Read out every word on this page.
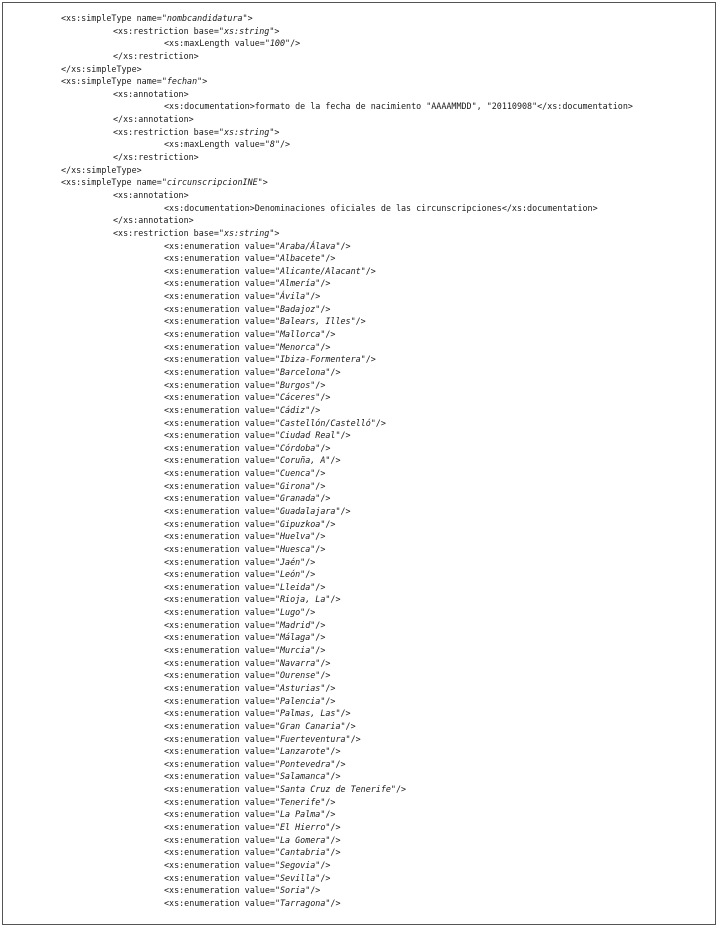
<xs:simpleType name="nombcandidatura">
<xs:restriction base="xs:string">
<xs:maxLength value="100"/>
</xs:restriction>
</xs:simpleType>
<xs:simpleType name="fechan">
<xs:annotation>
<xs:documentation>formato de la fecha de nacimiento "AAAAMMDD", "20110908"</xs:documentation>
</xs:annotation>
<xs:restriction base="xs:string">
<xs:maxLength value="8"/>
</xs:restriction>
</xs:simpleType>
<xs:simpleType name="circunscripcionINE">
<xs:annotation>
<xs:documentation>Denominaciones oficiales de las circunscripciones</xs:documentation>
</xs:annotation>
<xs:restriction base="xs:string">
<xs:enumeration value="Araba/Álava"/>
<xs:enumeration value="Albacete"/>
<xs:enumeration value="Alicante/Alacant"/>
<xs:enumeration value="Almería"/>
<xs:enumeration value="Ávila"/>
<xs:enumeration value="Badajoz"/>
<xs:enumeration value="Balears, Illes"/>
<xs:enumeration value="Mallorca"/>
<xs:enumeration value="Menorca"/>
<xs:enumeration value="Ibiza-Formentera"/>
<xs:enumeration value="Barcelona"/>
<xs:enumeration value="Burgos"/>
<xs:enumeration value="Cáceres"/>
<xs:enumeration value="Cádiz"/>
<xs:enumeration value="Castellón/Castelló"/>
<xs:enumeration value="Ciudad Real"/>
<xs:enumeration value="Córdoba"/>
<xs:enumeration value="Coruña, A"/>
<xs:enumeration value="Cuenca"/>
<xs:enumeration value="Girona"/>
<xs:enumeration value="Granada"/>
<xs:enumeration value="Guadalajara"/>
<xs:enumeration value="Gipuzkoa"/>
<xs:enumeration value="Huelva"/>
<xs:enumeration value="Huesca"/>
<xs:enumeration value="Jaén"/>
<xs:enumeration value="León"/>
<xs:enumeration value="Lleida"/>
<xs:enumeration value="Rioja, La"/>
<xs:enumeration value="Lugo"/>
<xs:enumeration value="Madrid"/>
<xs:enumeration value="Málaga"/>
<xs:enumeration value="Murcia"/>
<xs:enumeration value="Navarra"/>
<xs:enumeration value="Ourense"/>
<xs:enumeration value="Asturias"/>
<xs:enumeration value="Palencia"/>
<xs:enumeration value="Palmas, Las"/>
<xs:enumeration value="Gran Canaria"/>
<xs:enumeration value="Fuerteventura"/>
<xs:enumeration value="Lanzarote"/>
<xs:enumeration value="Pontevedra"/>
<xs:enumeration value="Salamanca"/>
<xs:enumeration value="Santa Cruz de Tenerife"/>
<xs:enumeration value="Tenerife"/>
<xs:enumeration value="La Palma"/>
<xs:enumeration value="El Hierro"/>
<xs:enumeration value="La Gomera"/>
<xs:enumeration value="Cantabria"/>
<xs:enumeration value="Segovia"/>
<xs:enumeration value="Sevilla"/>
<xs:enumeration value="Soria"/>
<xs:enumeration value="Tarragona"/>
